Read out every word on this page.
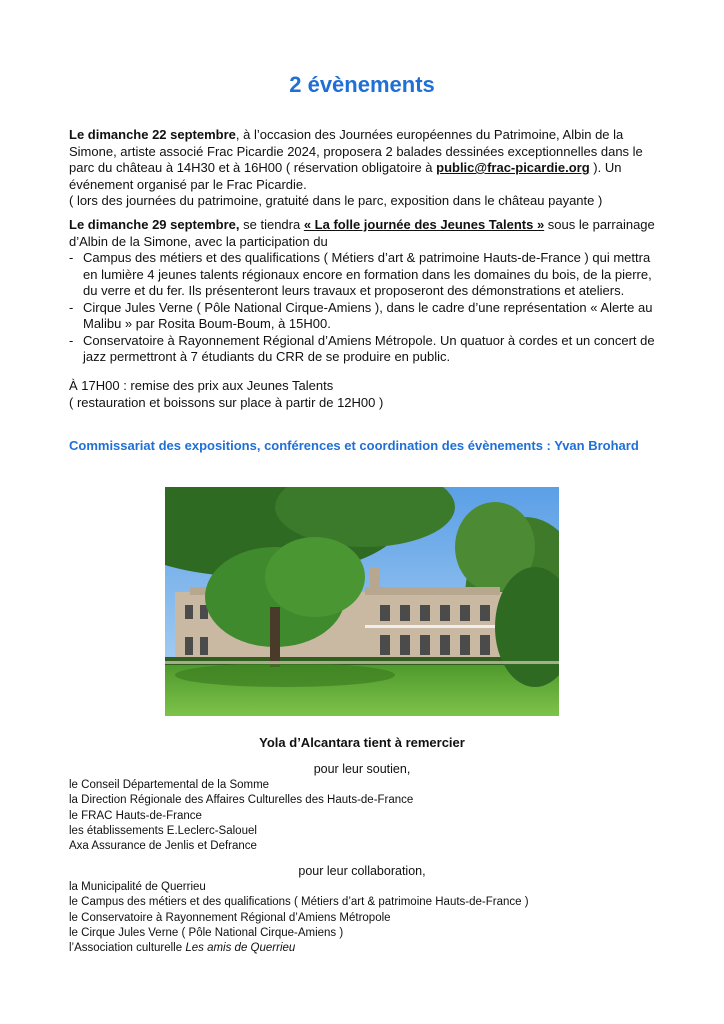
2 évènements

Le dimanche 22 septembre, à l’occasion des Journées européennes du Patrimoine, Albin de la Simone, artiste associé Frac Picardie 2024, proposera 2 balades dessinées exceptionnelles dans le parc du château à 14H30 et à 16H00 ( réservation obligatoire à public@frac-picardie.org ). Un événement organisé par le Frac Picardie.
( lors des journées du patrimoine, gratuité dans le parc, exposition dans le château payante )

Le dimanche 29 septembre, se tiendra « La folle journée des Jeunes Talents » sous le parrainage d’Albin de la Simone, avec la participation du
- Campus des métiers et des qualifications ( Métiers d’art & patrimoine Hauts-de-France ) qui mettra en lumière 4 jeunes talents régionaux encore en formation dans les domaines du bois, de la pierre, du verre et du fer. Ils présenteront leurs travaux et proposeront des démonstrations et ateliers.
- Cirque Jules Verne ( Pôle National Cirque-Amiens ), dans le cadre d’une représentation « Alerte au Malibu » par Rosita Boum-Boum, à 15H00.
- Conservatoire à Rayonnement Régional d’Amiens Métropole. Un quatuor à cordes et un concert de jazz permettront à 7 étudiants du CRR de se produire en public.

À 17H00 : remise des prix aux Jeunes Talents
( restauration et boissons sur place à partir de 12H00 )

Commissariat des expositions, conférences et coordination des évènements : Yvan Brohard

Yola d’Alcantara tient à remercier

pour leur soutien,

le Conseil Départemental de la Somme
la Direction Régionale des Affaires Culturelles des Hauts-de-France
le FRAC Hauts-de-France
les établissements E.Leclerc-Salouel
Axa Assurance de Jenlis et Defrance

pour leur collaboration,

la Municipalité de Querrieu
le Campus des métiers et des qualifications ( Métiers d’art & patrimoine Hauts-de-France )
le Conservatoire à Rayonnement Régional d’Amiens Métropole
le Cirque Jules Verne ( Pôle National Cirque-Amiens )
l’Association culturelle Les amis de Querrieu
